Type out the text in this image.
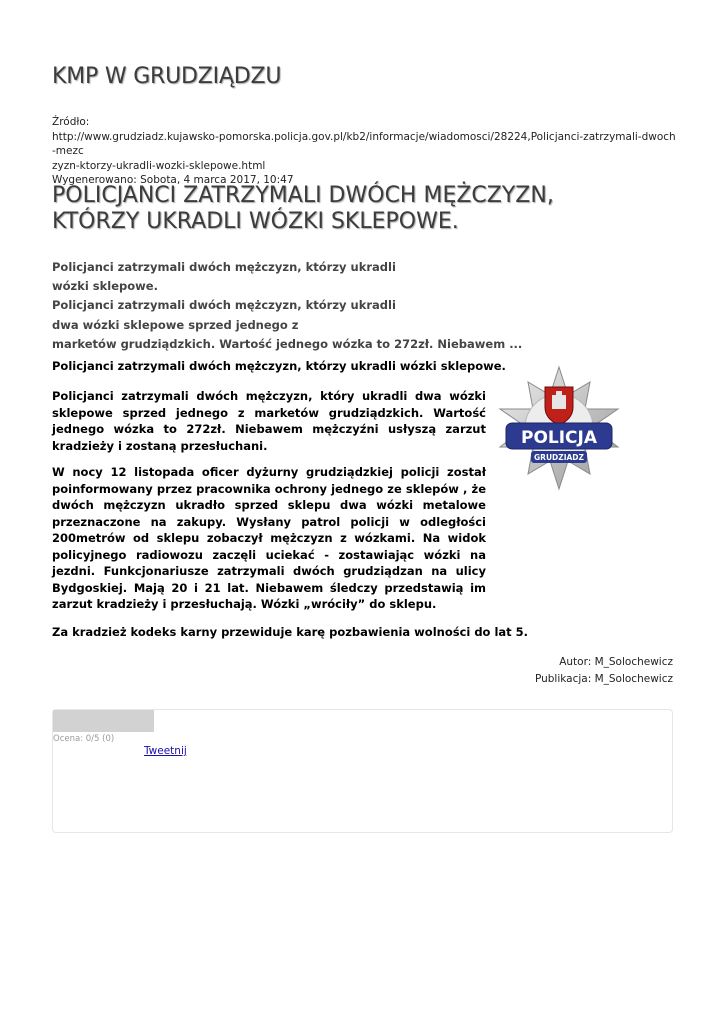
KMP W GRUDZIĄDZU
Źródło:
http://www.grudziadz.kujawsko-pomorska.policja.gov.pl/kb2/informacje/wiadomosci/28224,Policjanci-zatrzymali-dwoch-mezc
zyzn-ktorzy-ukradli-wozki-sklepowe.html
Wygenerowano: Sobota, 4 marca 2017, 10:47
POLICJANCI ZATRZYMALI DWÓCH MĘŻCZYZN, KTÓRZY UKRADLI WÓZKI SKLEPOWE.
Policjanci zatrzymali dwóch mężczyzn, którzy ukradli
wózki sklepowe.
Policjanci zatrzymali dwóch mężczyzn, którzy ukradli
dwa wózki sklepowe sprzed jednego z
marketów grudziądzkich. Wartość jednego wózka to 272zł. Niebawem ...
Policjanci zatrzymali dwóch mężczyzn, którzy ukradli wózki sklepowe.
Policjanci zatrzymali dwóch mężczyzn, który ukradli dwa wózki sklepowe sprzed jednego z marketów grudziądzkich. Wartość jednego wózka to 272zł. Niebawem mężczyźni usłyszą zarzut kradzieży i zostaną przesłuchani.	POLICJA
GRUDZIADZ
W nocy 12 listopada oficer dyżurny grudziądzkiej policji został poinformowany przez pracownika ochrony jednego ze sklepów , że dwóch mężczyzn ukradło sprzed sklepu dwa wózki metalowe przeznaczone na zakupy. Wysłany patrol policji w odległości 200metrów od sklepu zobaczył mężczyzn z wózkami. Na widok policyjnego radiowozu zaczęli uciekać - zostawiając wózki na jezdni. Funkcjonariusze zatrzymali dwóch grudziądzan na ulicy Bydgoskiej. Mają 20 i 21 lat. Niebawem śledczy przedstawią im zarzut kradzieży i przesłuchają. Wózki „wróciły” do sklepu.
Za kradzież kodeks karny przewiduje karę pozbawienia wolności do lat 5.
Autor: M_Solochewicz
Publikacja: M_Solochewicz
Ocena: 0/5 (0)
Tweetnij
